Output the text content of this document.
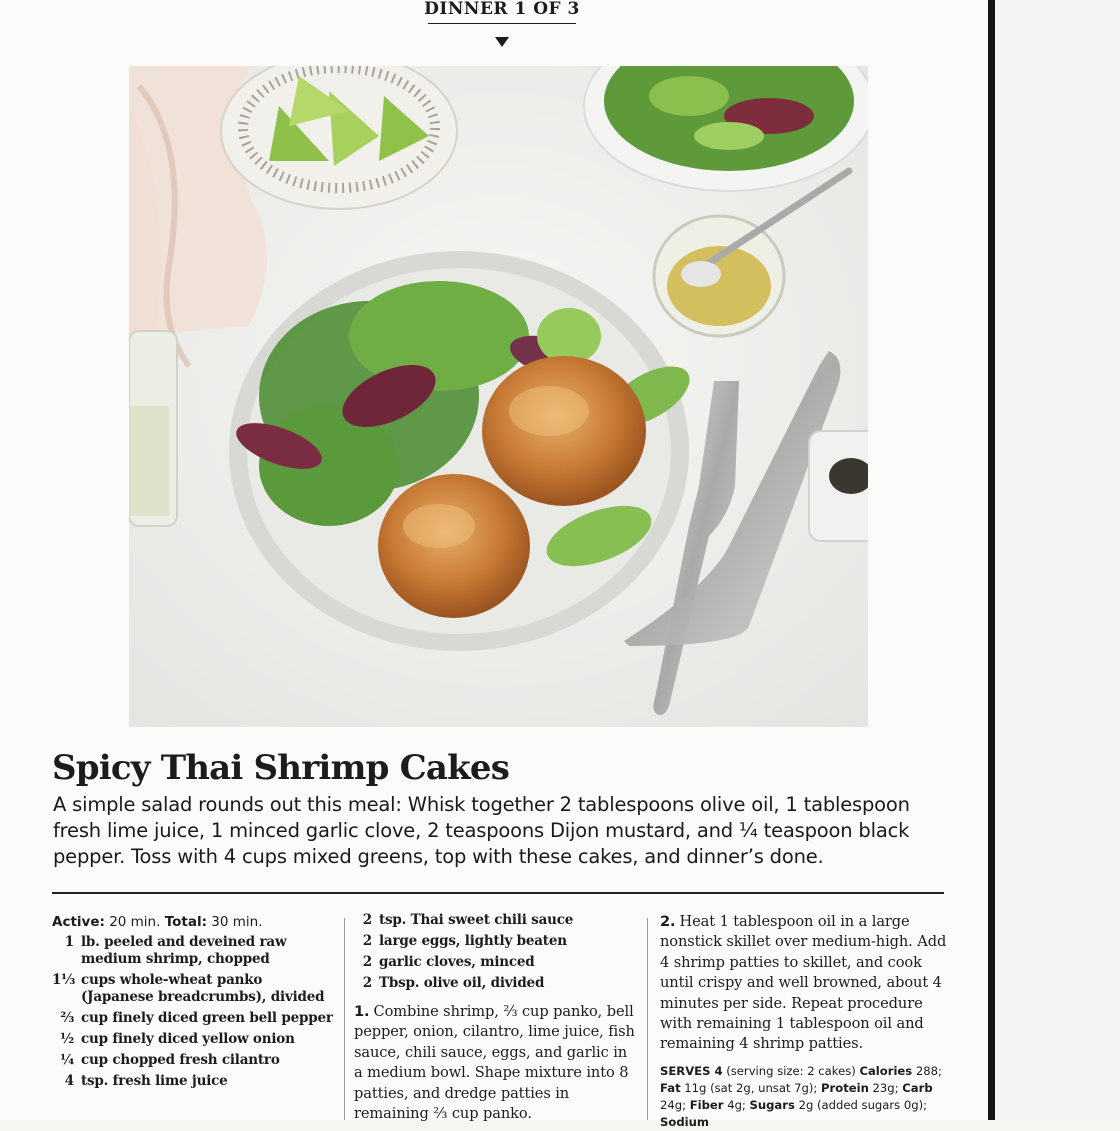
DINNER 1 OF 3
Spicy Thai Shrimp Cakes

A simple salad rounds out this meal: Whisk together 2 tablespoons olive oil, 1 tablespoon fresh lime juice, 1 minced garlic clove, 2 teaspoons Dijon mustard, and ¼ teaspoon black pepper. Toss with 4 cups mixed greens, top with these cakes, and dinner’s done.

Active: 20 min. Total: 30 min.

1 lb. peeled and deveined raw medium shrimp, chopped
1⅓ cups whole-wheat panko (Japanese breadcrumbs), divided
⅔ cup finely diced green bell pepper
½ cup finely diced yellow onion
¼ cup chopped fresh cilantro
4 tsp. fresh lime juice
2 tsp. Thai sweet chili sauce
2 large eggs, lightly beaten
2 garlic cloves, minced
2 Tbsp. olive oil, divided

1. Combine shrimp, ⅔ cup panko, bell pepper, onion, cilantro, lime juice, fish sauce, chili sauce, eggs, and garlic in a medium bowl. Shape mixture into 8 patties, and dredge patties in remaining ⅔ cup panko.

2. Heat 1 tablespoon oil in a large nonstick skillet over medium-high. Add 4 shrimp patties to skillet, and cook until crispy and well browned, about 4 minutes per side. Repeat procedure with remaining 1 tablespoon oil and remaining 4 shrimp patties.

SERVES 4 (serving size: 2 cakes) Calories 288; Fat 11g (sat 2g, unsat 7g); Protein 23g; Carb 24g; Fiber 4g; Sugars 2g (added sugars 0g); Sodium
